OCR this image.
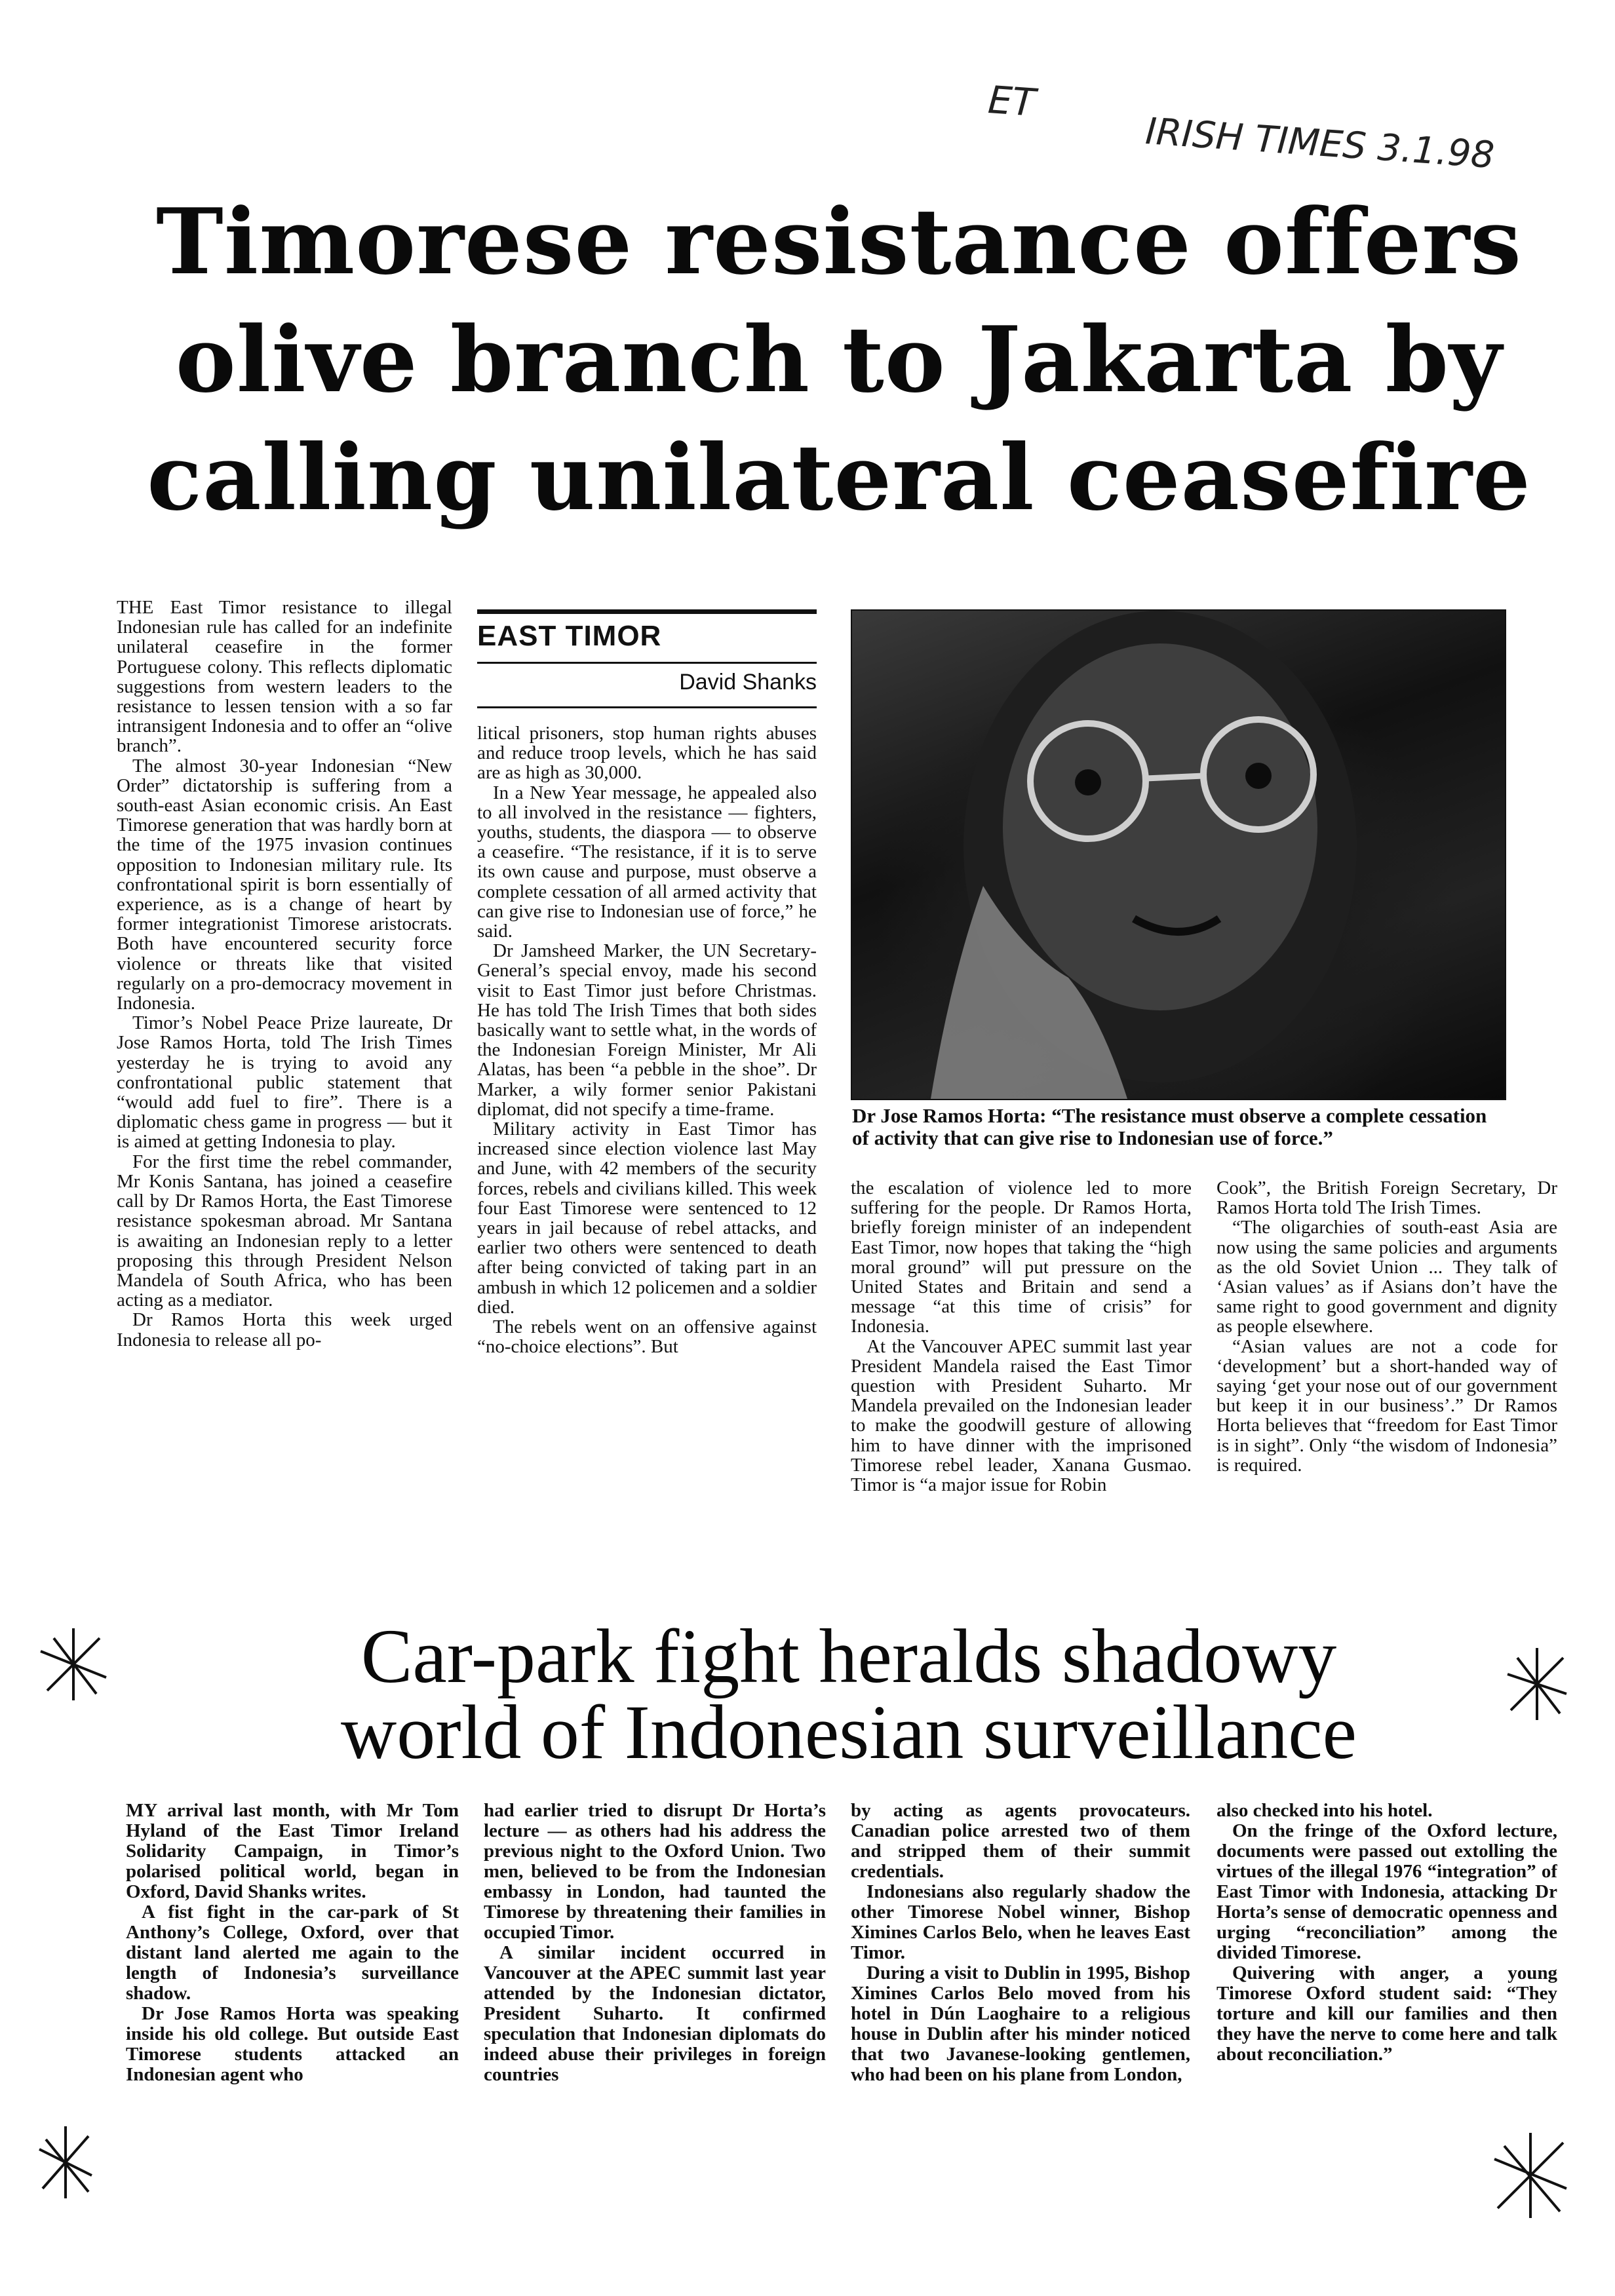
ET
IRISH TIMES 3.1.98
Timorese resistance offers
olive branch to Jakarta by
calling unilateral ceasefire

THE East Timor resistance to illegal Indonesian rule has called for an indefinite unilateral ceasefire in the former Portuguese colony. This reflects diplomatic suggestions from western leaders to the resistance to lessen tension with a so far intransigent Indonesia and to offer an “olive branch”.

The almost 30-year Indonesian “New Order” dictatorship is suffering from a south-east Asian economic crisis. An East Timorese generation that was hardly born at the time of the 1975 invasion continues opposition to Indonesian military rule. Its confrontational spirit is born essentially of experience, as is a change of heart by former integrationist Timorese aristocrats. Both have encountered security force violence or threats like that visited regularly on a pro-democracy movement in Indonesia.

Timor’s Nobel Peace Prize laureate, Dr Jose Ramos Horta, told The Irish Times yesterday he is trying to avoid any confrontational public statement that “would add fuel to fire”. There is a diplomatic chess game in progress — but it is aimed at getting Indonesia to play.

For the first time the rebel commander, Mr Konis Santana, has joined a ceasefire call by Dr Ramos Horta, the East Timorese resistance spokesman abroad. Mr Santana is awaiting an Indonesian reply to a letter proposing this through President Nelson Mandela of South Africa, who has been acting as a mediator.

Dr Ramos Horta this week urged Indonesia to release all po-

EAST TIMOR
David Shanks

litical prisoners, stop human rights abuses and reduce troop levels, which he has said are as high as 30,000.

In a New Year message, he appealed also to all involved in the resistance — fighters, youths, students, the diaspora — to observe a ceasefire. “The resistance, if it is to serve its own cause and purpose, must observe a complete cessation of all armed activity that can give rise to Indonesian use of force,” he said.

Dr Jamsheed Marker, the UN Secretary-General’s special envoy, made his second visit to East Timor just before Christmas. He has told The Irish Times that both sides basically want to settle what, in the words of the Indonesian Foreign Minister, Mr Ali Alatas, has been “a pebble in the shoe”. Dr Marker, a wily former senior Pakistani diplomat, did not specify a time-frame.

Military activity in East Timor has increased since election violence last May and June, with 42 members of the security forces, rebels and civilians killed. This week four East Timorese were sentenced to 12 years in jail because of rebel attacks, and earlier two others were sentenced to death after being convicted of taking part in an ambush in which 12 policemen and a soldier died.

The rebels went on an offensive against “no-choice elections”. But

Dr Jose Ramos Horta: “The resistance must observe a complete cessation of activity that can give rise to Indonesian use of force.”

the escalation of violence led to more suffering for the people. Dr Ramos Horta, briefly foreign minister of an independent East Timor, now hopes that taking the “high moral ground” will put pressure on the United States and Britain and send a message “at this time of crisis” for Indonesia.

At the Vancouver APEC summit last year President Mandela raised the East Timor question with President Suharto. Mr Mandela prevailed on the Indonesian leader to make the goodwill gesture of allowing him to have dinner with the imprisoned Timorese rebel leader, Xanana Gusmao. Timor is “a major issue for Robin

Cook”, the British Foreign Secretary, Dr Ramos Horta told The Irish Times.

“The oligarchies of south-east Asia are now using the same policies and arguments as the old Soviet Union ... They talk of ‘Asian values’ as if Asians don’t have the same right to good government and dignity as people elsewhere.

“Asian values are not a code for ‘development’ but a short-handed way of saying ‘get your nose out of our government but keep it in our business’.” Dr Ramos Horta believes that “freedom for East Timor is in sight”. Only “the wisdom of Indonesia” is required.

Car-park fight heralds shadowy
world of Indonesian surveillance

MY arrival last month, with Mr Tom Hyland of the East Timor Ireland Solidarity Campaign, in Timor’s polarised political world, began in Oxford, David Shanks writes.

A fist fight in the car-park of St Anthony’s College, Oxford, over that distant land alerted me again to the length of Indonesia’s surveillance shadow.

Dr Jose Ramos Horta was speaking inside his old college. But outside East Timorese students attacked an Indonesian agent who

had earlier tried to disrupt Dr Horta’s lecture — as others had his address the previous night to the Oxford Union. Two men, believed to be from the Indonesian embassy in London, had taunted the Timorese by threatening their families in occupied Timor.

A similar incident occurred in Vancouver at the APEC summit last year attended by the Indonesian dictator, President Suharto. It confirmed speculation that Indonesian diplomats do indeed abuse their privileges in foreign countries

by acting as agents provocateurs. Canadian police arrested two of them and stripped them of their summit credentials.

Indonesians also regularly shadow the other Timorese Nobel winner, Bishop Ximines Carlos Belo, when he leaves East Timor.

During a visit to Dublin in 1995, Bishop Ximines Carlos Belo moved from his hotel in Dún Laoghaire to a religious house in Dublin after his minder noticed that two Javanese-looking gentlemen, who had been on his plane from London,

also checked into his hotel.

On the fringe of the Oxford lecture, documents were passed out extolling the virtues of the illegal 1976 “integration” of East Timor with Indonesia, attacking Dr Horta’s sense of democratic openness and urging “reconciliation” among the divided Timorese.

Quivering with anger, a young Timorese Oxford student said: “They torture and kill our families and then they have the nerve to come here and talk about reconciliation.”
